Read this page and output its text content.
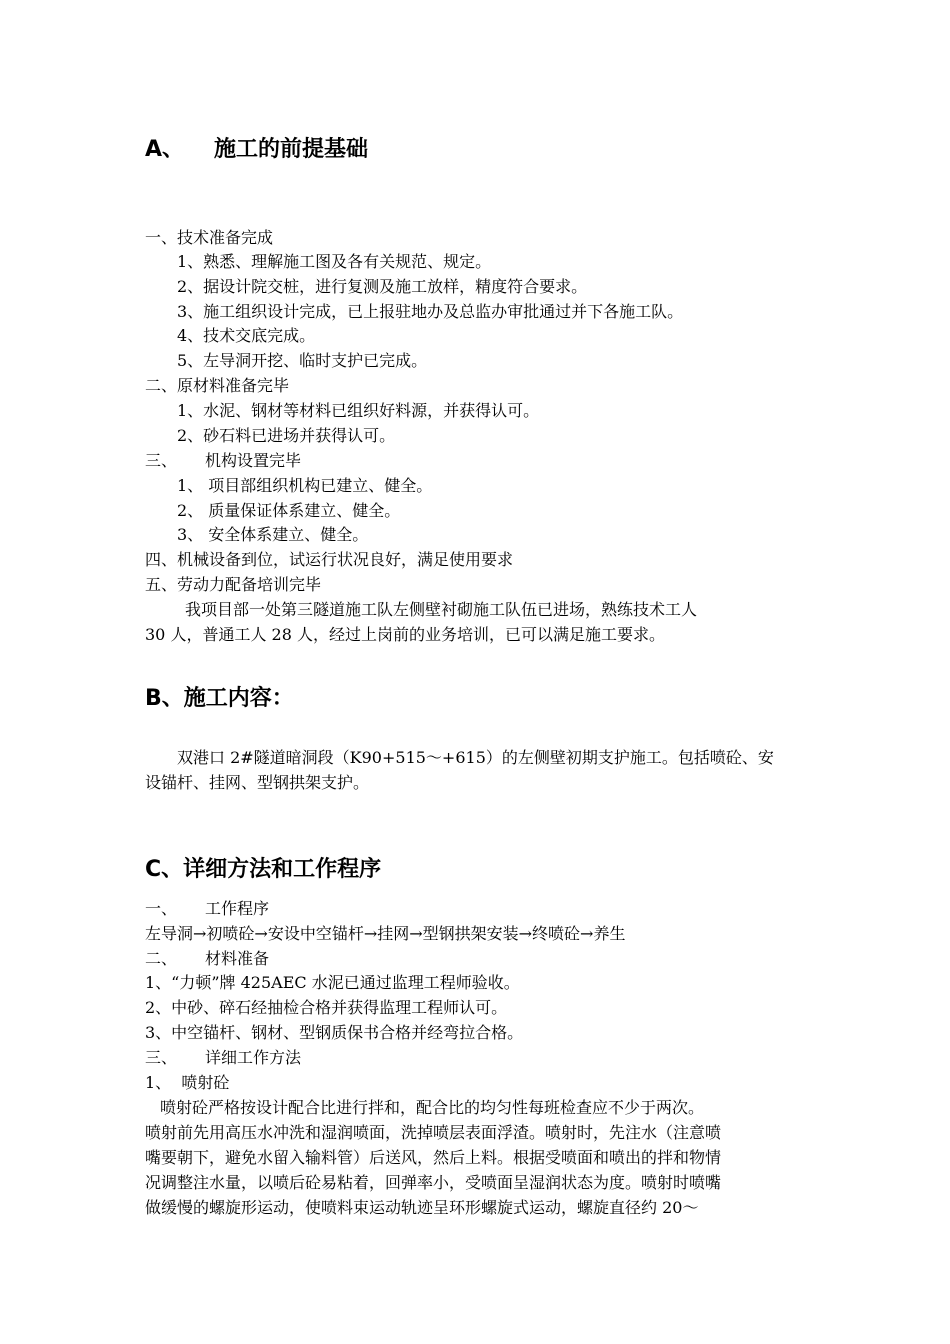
A、 施工的前提基础
一、技术准备完成
1、熟悉、理解施工图及各有关规范、规定。
2、据设计院交桩，进行复测及施工放样，精度符合要求。
3、施工组织设计完成，已上报驻地办及总监办审批通过并下各施工队。
4、技术交底完成。
5、左导洞开挖、临时支护已完成。
二、原材料准备完毕
1、水泥、钢材等材料已组织好料源，并获得认可。
2、砂石料已进场并获得认可。
三、 机构设置完毕
1、 项目部组织机构已建立、健全。
2、 质量保证体系建立、健全。
3、 安全体系建立、健全。
四、机械设备到位，试运行状况良好，满足使用要求
五、劳动力配备培训完毕
我项目部一处第三隧道施工队左侧壁衬砌施工队伍已进场，熟练技术工人
30 人，普通工人 28 人，经过上岗前的业务培训，已可以满足施工要求。
B、施工内容：
双港口 2#隧道暗洞段（K90+515～+615）的左侧壁初期支护施工。包括喷砼、安
设锚杆、挂网、型钢拱架支护。
C、详细方法和工作程序
一、 工作程序
左导洞→初喷砼→安设中空锚杆→挂网→型钢拱架安装→终喷砼→养生
二、 材料准备
1、“力顿”牌 425AEC 水泥已通过监理工程师验收。
2、中砂、碎石经抽检合格并获得监理工程师认可。
3、中空锚杆、钢材、型钢质保书合格并经弯拉合格。
三、 详细工作方法
1、 喷射砼
喷射砼严格按设计配合比进行拌和，配合比的均匀性每班检查应不少于两次。
喷射前先用高压水冲洗和湿润喷面，洗掉喷层表面浮渣。喷射时，先注水（注意喷
嘴要朝下，避免水留入输料管）后送风，然后上料。根据受喷面和喷出的拌和物情
况调整注水量，以喷后砼易粘着，回弹率小，受喷面呈湿润状态为度。喷射时喷嘴
做缓慢的螺旋形运动，使喷料束运动轨迹呈环形螺旋式运动，螺旋直径约 20～
